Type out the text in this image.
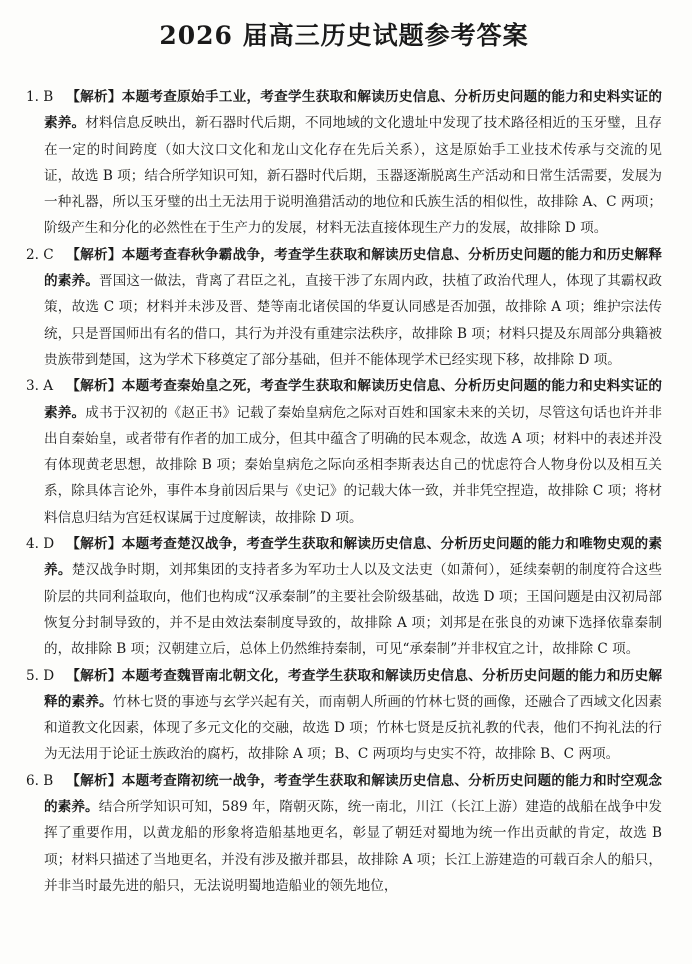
2026 届高三历史试题参考答案
1. B 【解析】本题考查原始手工业，考查学生获取和解读历史信息、分析历史问题的能力和史料实证的素养。材料信息反映出，新石器时代后期，不同地域的文化遗址中发现了技术路径相近的玉牙璧，且存在一定的时间跨度（如大汶口文化和龙山文化存在先后关系），这是原始手工业技术传承与交流的见证，故选 B 项；结合所学知识可知，新石器时代后期，玉器逐渐脱离生产活动和日常生活需要，发展为一种礼器，所以玉牙璧的出土无法用于说明渔猎活动的地位和氏族生活的相似性，故排除 A、C 两项；阶级产生和分化的必然性在于生产力的发展，材料无法直接体现生产力的发展，故排除 D 项。
2. C 【解析】本题考查春秋争霸战争，考查学生获取和解读历史信息、分析历史问题的能力和历史解释的素养。晋国这一做法，背离了君臣之礼，直接干涉了东周内政，扶植了政治代理人，体现了其霸权政策，故选 C 项；材料并未涉及晋、楚等南北诸侯国的华夏认同感是否加强，故排除 A 项；维护宗法传统，只是晋国师出有名的借口，其行为并没有重建宗法秩序，故排除 B 项；材料只提及东周部分典籍被贵族带到楚国，这为学术下移奠定了部分基础，但并不能体现学术已经实现下移，故排除 D 项。
3. A 【解析】本题考查秦始皇之死，考查学生获取和解读历史信息、分析历史问题的能力和史料实证的素养。成书于汉初的《赵正书》记载了秦始皇病危之际对百姓和国家未来的关切，尽管这句话也许并非出自秦始皇，或者带有作者的加工成分，但其中蕴含了明确的民本观念，故选 A 项；材料中的表述并没有体现黄老思想，故排除 B 项；秦始皇病危之际向丞相李斯表达自己的忧虑符合人物身份以及相互关系，除具体言论外，事件本身前因后果与《史记》的记载大体一致，并非凭空捏造，故排除 C 项；将材料信息归结为宫廷权谋属于过度解读，故排除 D 项。
4. D 【解析】本题考查楚汉战争，考查学生获取和解读历史信息、分析历史问题的能力和唯物史观的素养。楚汉战争时期，刘邦集团的支持者多为军功士人以及文法吏（如萧何），延续秦朝的制度符合这些阶层的共同利益取向，他们也构成“汉承秦制”的主要社会阶级基础，故选 D 项；王国问题是由汉初局部恢复分封制导致的，并不是由效法秦制度导致的，故排除 A 项；刘邦是在张良的劝谏下选择依靠秦制的，故排除 B 项；汉朝建立后，总体上仍然维持秦制，可见“承秦制”并非权宜之计，故排除 C 项。
5. D 【解析】本题考查魏晋南北朝文化，考查学生获取和解读历史信息、分析历史问题的能力和历史解释的素养。竹林七贤的事迹与玄学兴起有关，而南朝人所画的竹林七贤的画像，还融合了西域文化因素和道教文化因素，体现了多元文化的交融，故选 D 项；竹林七贤是反抗礼教的代表，他们不拘礼法的行为无法用于论证士族政治的腐朽，故排除 A 项；B、C 两项均与史实不符，故排除 B、C 两项。
6. B 【解析】本题考查隋初统一战争，考查学生获取和解读历史信息、分析历史问题的能力和时空观念的素养。结合所学知识可知，589 年，隋朝灭陈，统一南北，川江（长江上游）建造的战船在战争中发挥了重要作用，以黄龙船的形象将造船基地更名，彰显了朝廷对蜀地为统一作出贡献的肯定，故选 B 项；材料只描述了当地更名，并没有涉及撤并郡县，故排除 A 项；长江上游建造的可载百余人的船只，并非当时最先进的船只，无法说明蜀地造船业的领先地位，
